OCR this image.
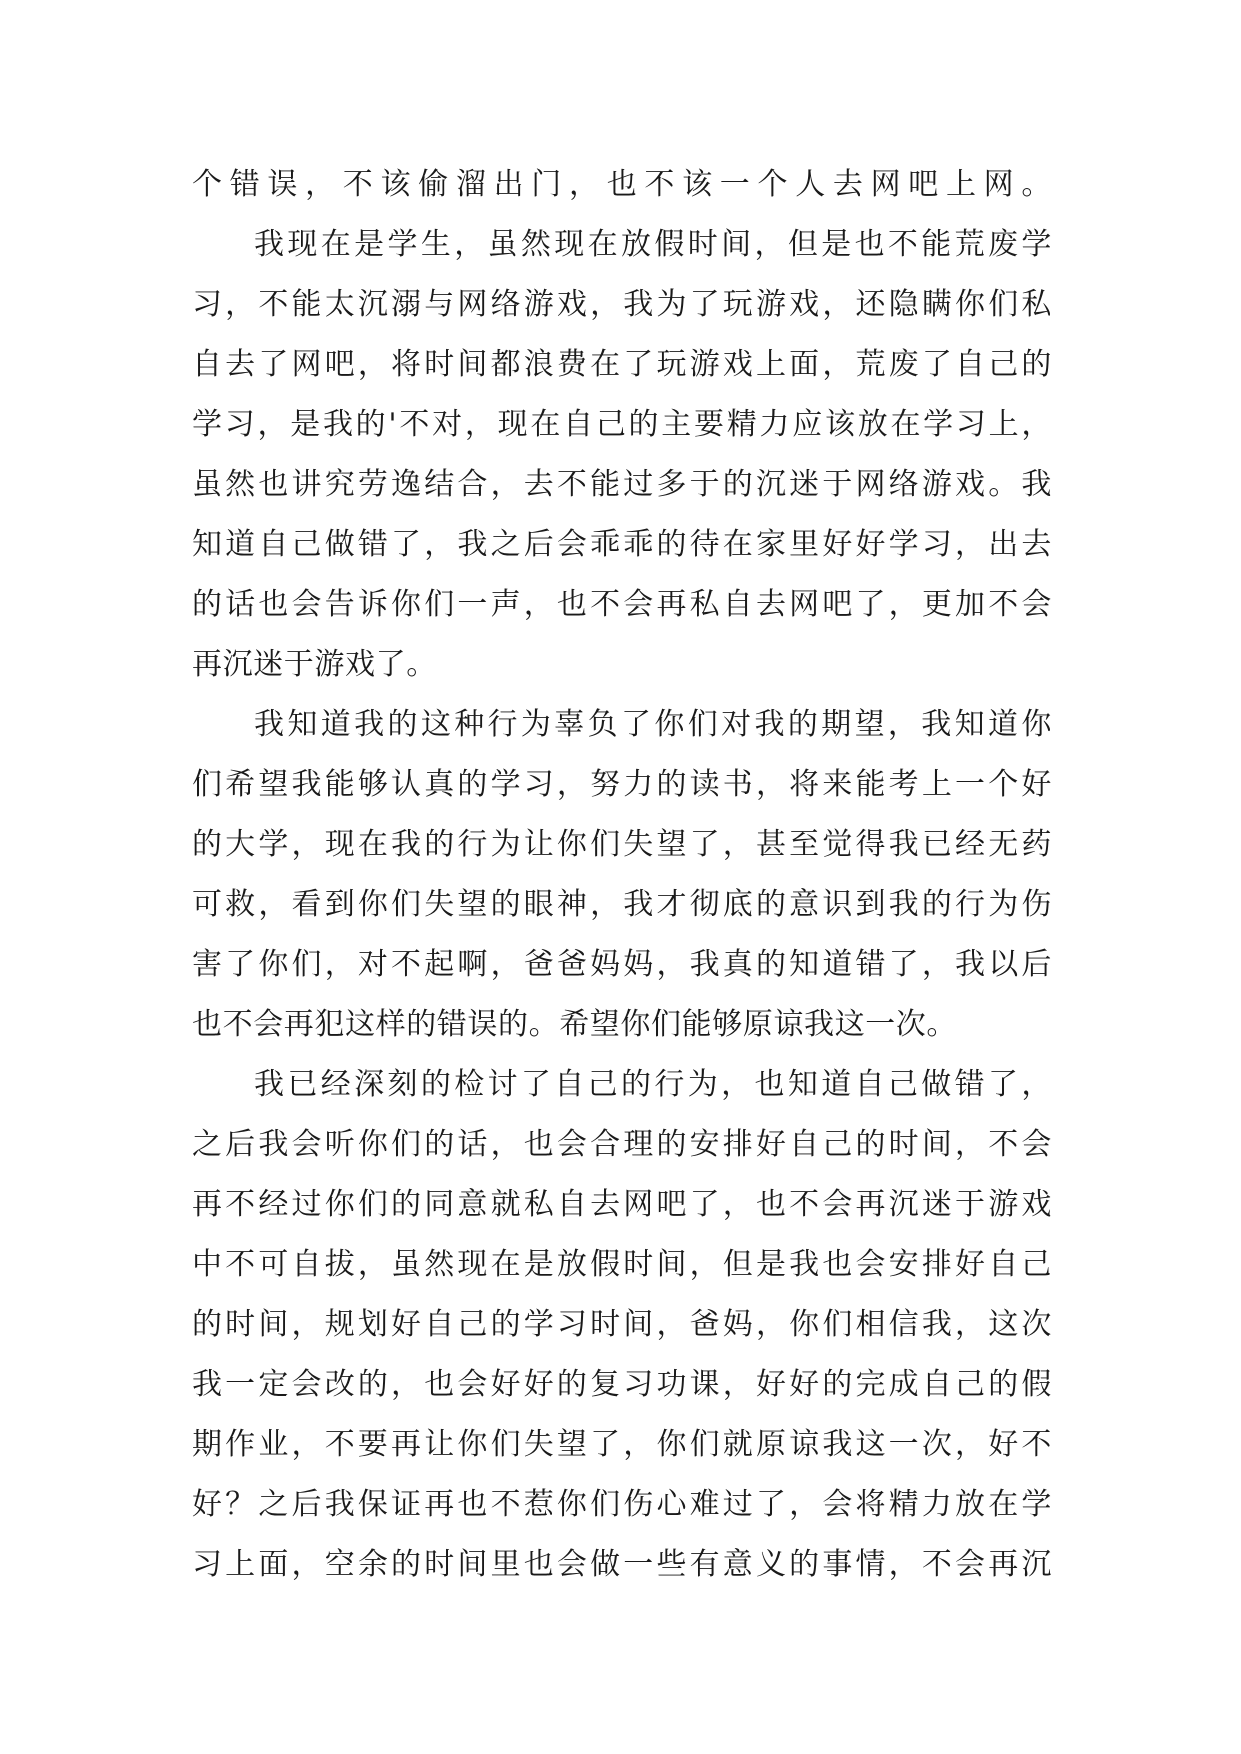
个错误，不该偷溜出门，也不该一个人去网吧上网。
我现在是学生，虽然现在放假时间，但是也不能荒废学
习，不能太沉溺与网络游戏，我为了玩游戏，还隐瞒你们私
自去了网吧，将时间都浪费在了玩游戏上面，荒废了自己的
学习，是我的'不对，现在自己的主要精力应该放在学习上，
虽然也讲究劳逸结合，去不能过多于的沉迷于网络游戏。我
知道自己做错了，我之后会乖乖的待在家里好好学习，出去
的话也会告诉你们一声，也不会再私自去网吧了，更加不会
再沉迷于游戏了。
我知道我的这种行为辜负了你们对我的期望，我知道你
们希望我能够认真的学习，努力的读书，将来能考上一个好
的大学，现在我的行为让你们失望了，甚至觉得我已经无药
可救，看到你们失望的眼神，我才彻底的意识到我的行为伤
害了你们，对不起啊，爸爸妈妈，我真的知道错了，我以后
也不会再犯这样的错误的。希望你们能够原谅我这一次。
我已经深刻的检讨了自己的行为，也知道自己做错了，
之后我会听你们的话，也会合理的安排好自己的时间，不会
再不经过你们的同意就私自去网吧了，也不会再沉迷于游戏
中不可自拔，虽然现在是放假时间，但是我也会安排好自己
的时间，规划好自己的学习时间，爸妈，你们相信我，这次
我一定会改的，也会好好的复习功课，好好的完成自己的假
期作业，不要再让你们失望了，你们就原谅我这一次，好不
好？之后我保证再也不惹你们伤心难过了，会将精力放在学
习上面，空余的时间里也会做一些有意义的事情，不会再沉
